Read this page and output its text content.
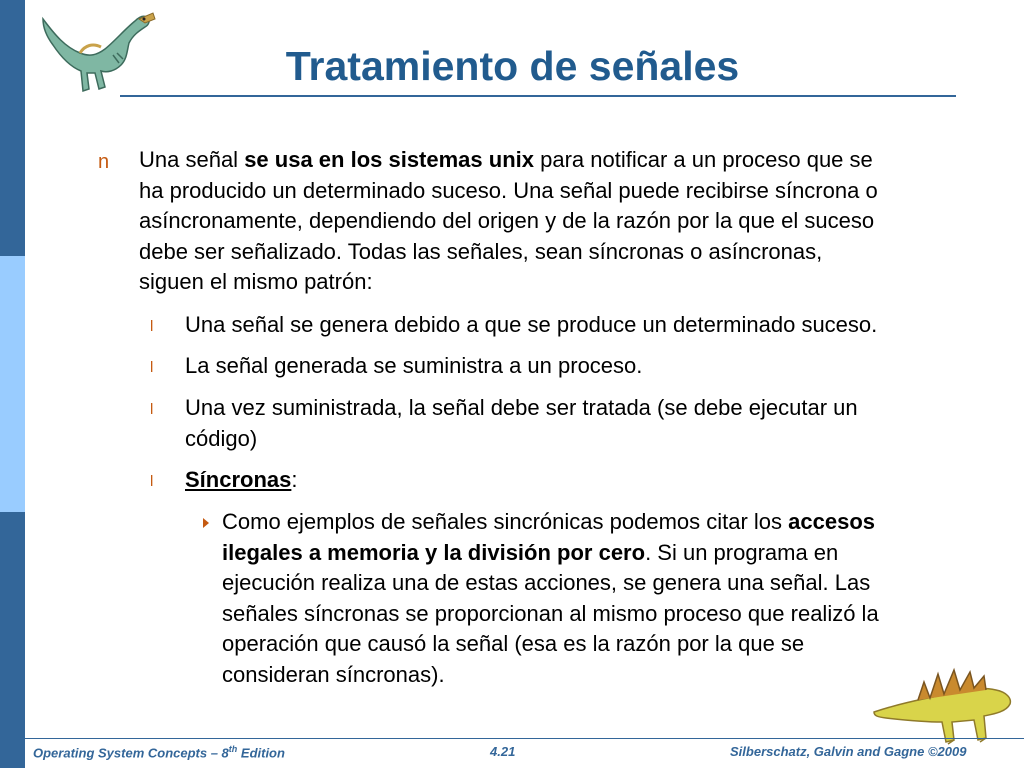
Tratamiento de señales
n Una señal se usa en los sistemas unix para notificar a un proceso que se
ha producido un determinado suceso. Una señal puede recibirse síncrona o
asíncronamente, dependiendo del origen y de la razón por la que el suceso
debe ser señalizado. Todas las señales, sean síncronas o asíncronas,
siguen el mismo patrón:
l Una señal se genera debido a que se produce un determinado suceso.
l La señal generada se suministra a un proceso.
l Una vez suministrada, la señal debe ser tratada (se debe ejecutar un
código)
l Síncronas:
Como ejemplos de señales sincrónicas podemos citar los accesos
ilegales a memoria y la división por cero. Si un programa en
ejecución realiza una de estas acciones, se genera una señal. Las
señales síncronas se proporcionan al mismo proceso que realizó la
operación que causó la señal (esa es la razón por la que se
consideran síncronas).
Operating System Concepts – 8th Edition	4.21	Silberschatz, Galvin and Gagne ©2009
